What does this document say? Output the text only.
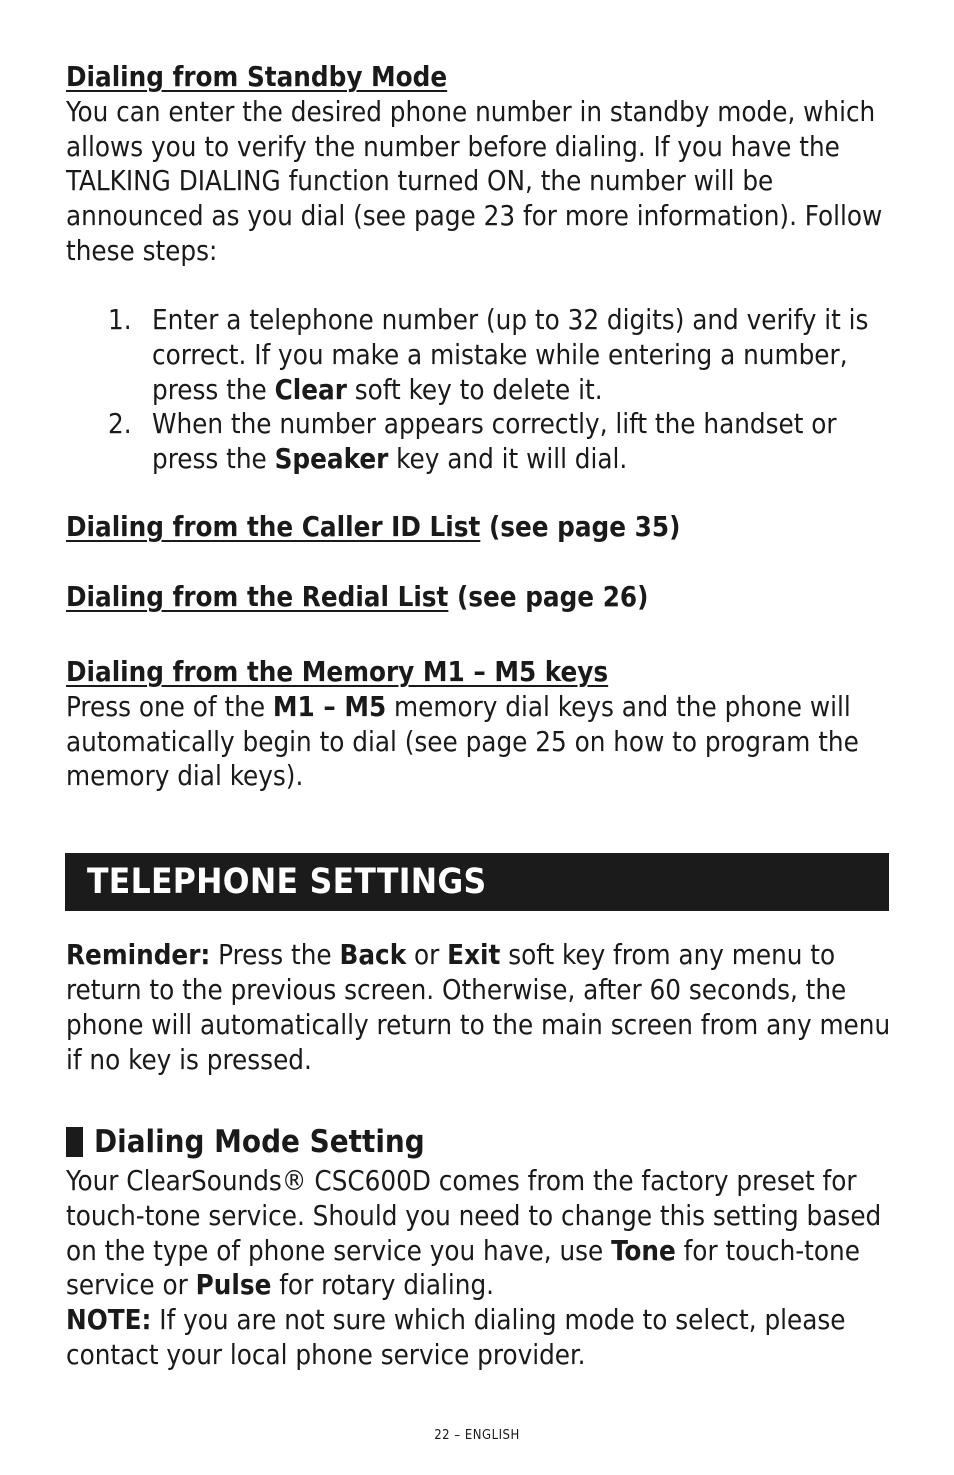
Dialing from Standby Mode
You can enter the desired phone number in standby mode, which allows you to verify the number before dialing. If you have the TALKING DIALING function turned ON, the number will be announced as you dial (see page 23 for more information). Follow these steps:
1. Enter a telephone number (up to 32 digits) and verify it is correct. If you make a mistake while entering a number, press the Clear soft key to delete it.
2. When the number appears correctly, lift the handset or press the Speaker key and it will dial.
Dialing from the Caller ID List (see page 35)
Dialing from the Redial List (see page 26)
Dialing from the Memory M1 – M5 keys
Press one of the M1 – M5 memory dial keys and the phone will automatically begin to dial (see page 25 on how to program the memory dial keys).
TELEPHONE SETTINGS
Reminder: Press the Back or Exit soft key from any menu to return to the previous screen. Otherwise, after 60 seconds, the phone will automatically return to the main screen from any menu if no key is pressed.
Dialing Mode Setting
Your ClearSounds® CSC600D comes from the factory preset for touch-tone service. Should you need to change this setting based on the type of phone service you have, use Tone for touch-tone service or Pulse for rotary dialing.
NOTE: If you are not sure which dialing mode to select, please contact your local phone service provider.
22 – ENGLISH
